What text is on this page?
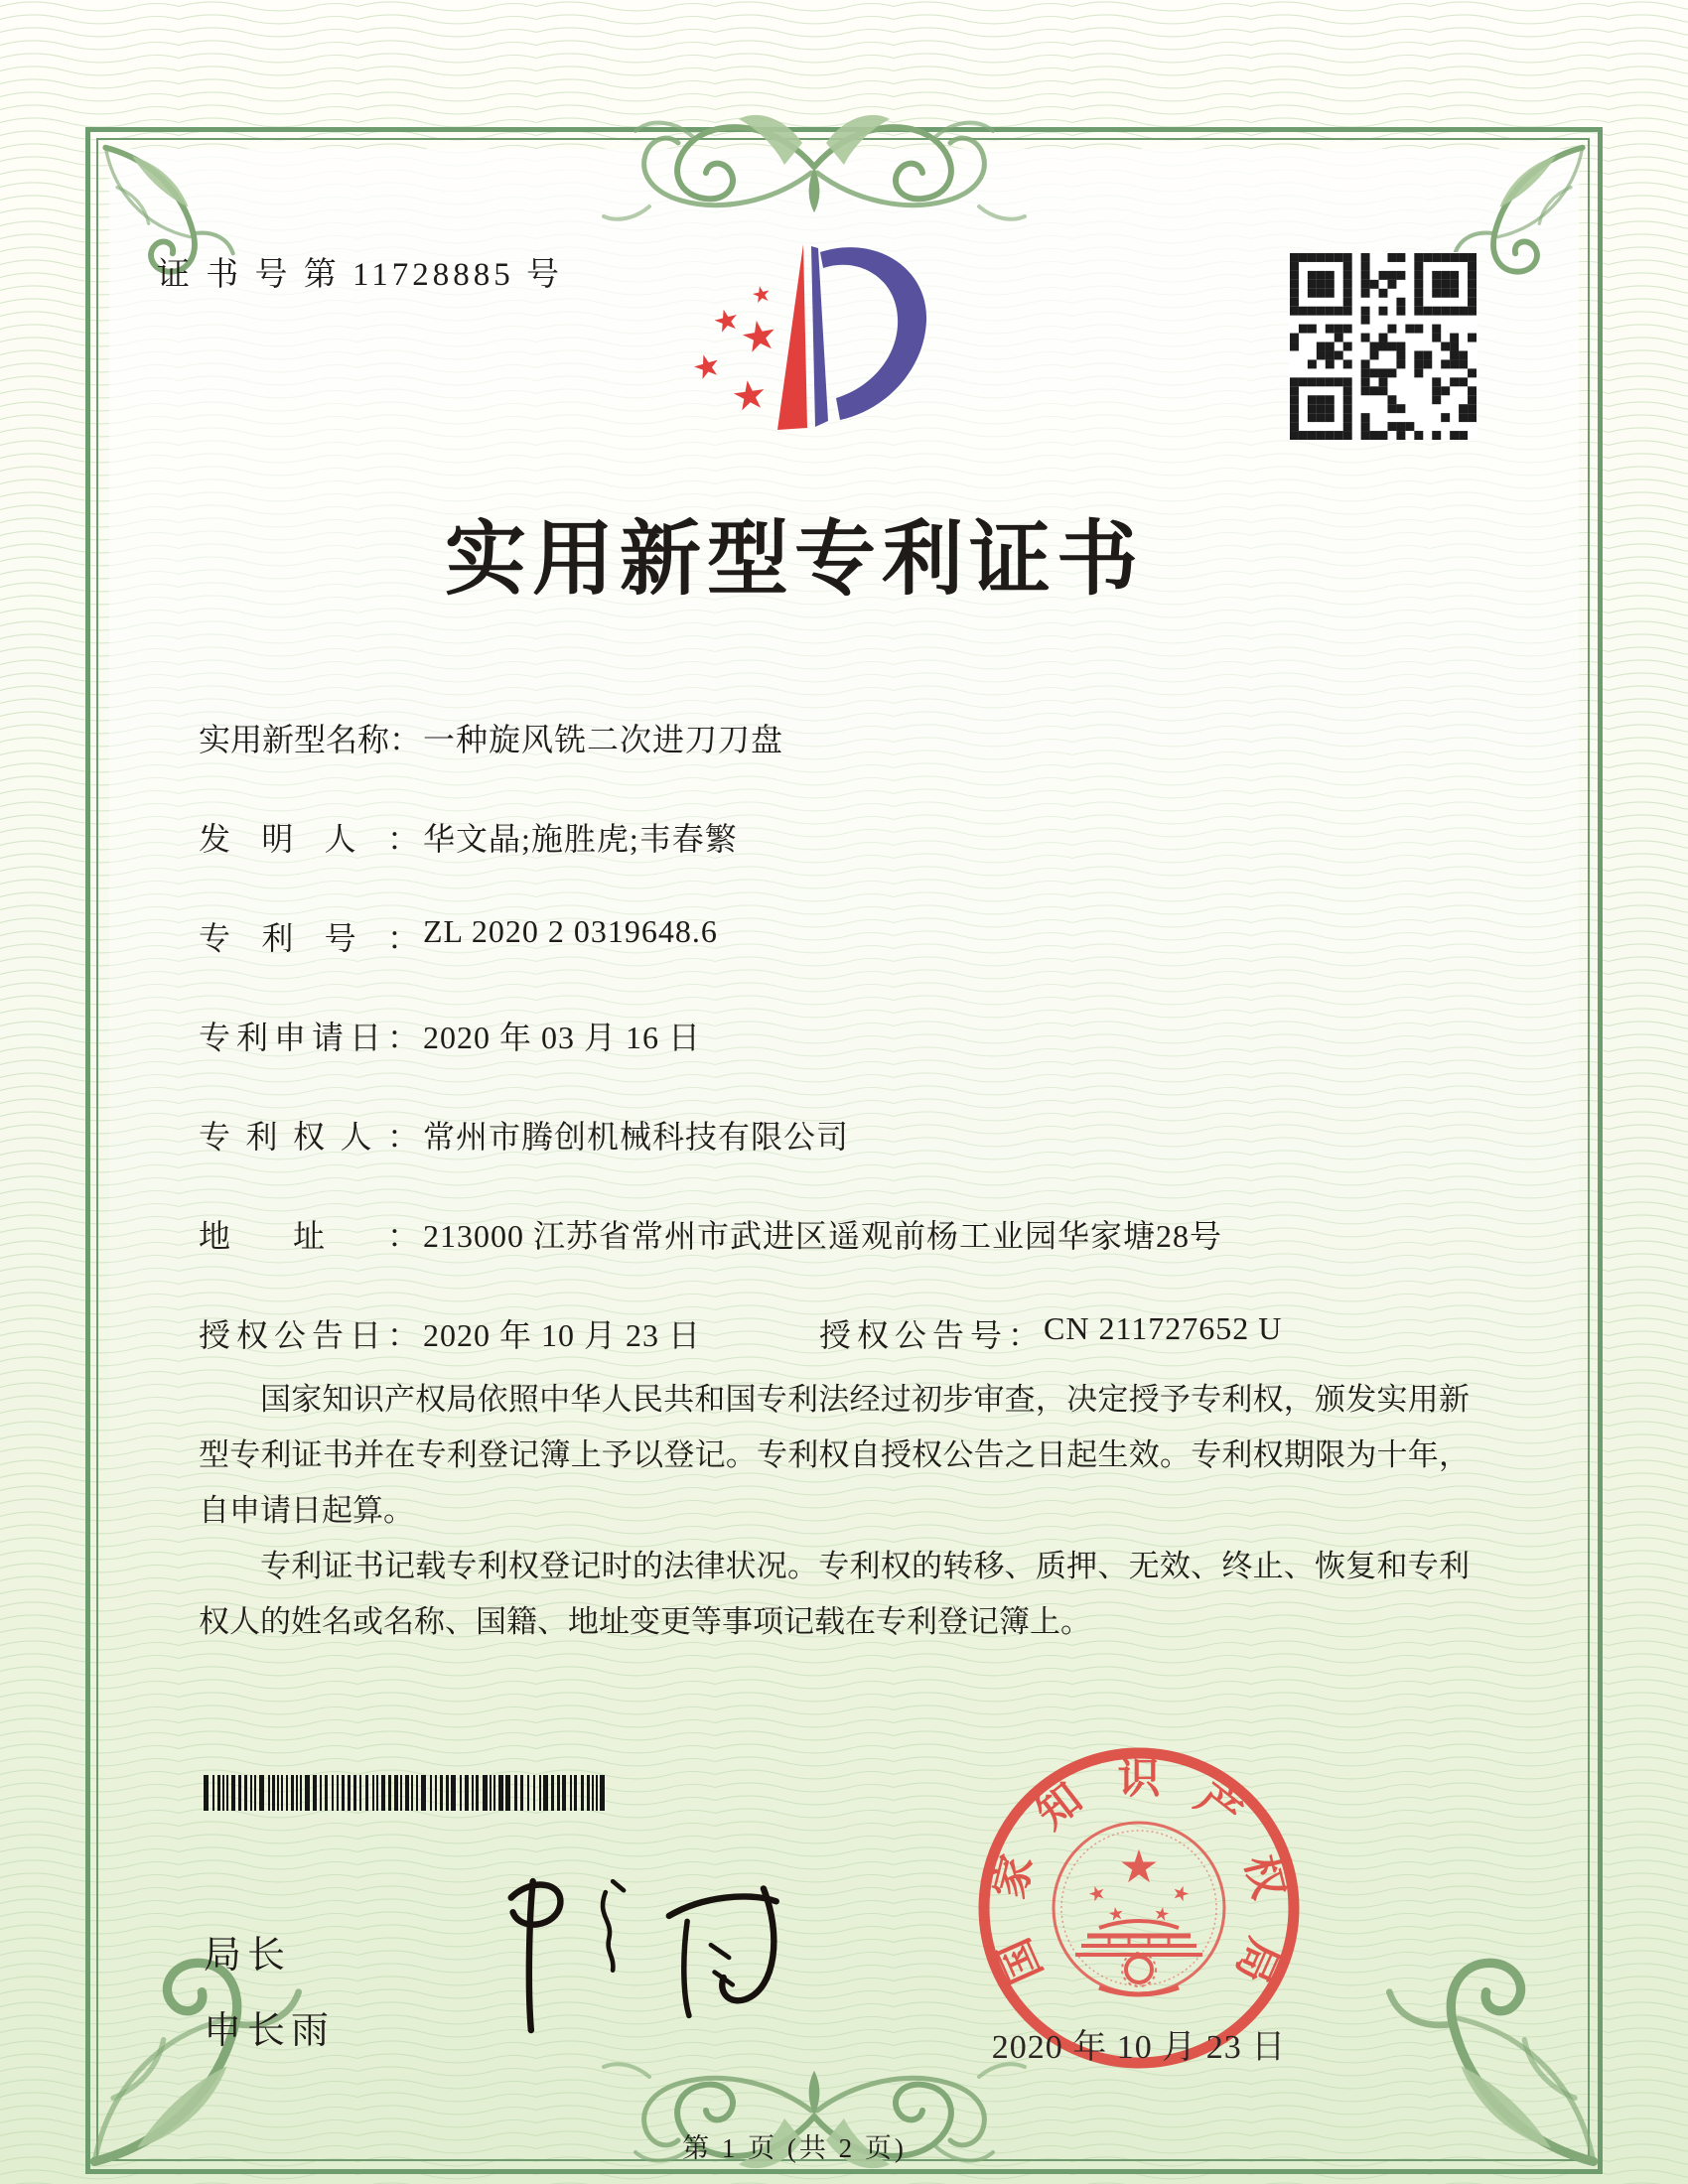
证 书 号 第 11728885 号
★
★
★
★
★
实用新型专利证书
实用新型名称：一种旋风铣二次进刀刀盘
发明人： 华文晶;施胜虎;韦春繁
专利号： ZL 2020 2 0319648.6
专利申请日： 2020 年 03 月 16 日
专利权人： 常州市腾创机械科技有限公司
地址： 213000 江苏省常州市武进区遥观前杨工业园华家塘28号
授权公告日： 2020 年 10 月 23 日	授权公告号： CN 211727652 U

国家知识产权局依照中华人民共和国专利法经过初步审查，决定授予专利权，颁发实用新型专利证书并在专利登记簿上予以登记。专利权自授权公告之日起生效。专利权期限为十年，自申请日起算。

专利证书记载专利权登记时的法律状况。专利权的转移、质押、无效、终止、恢复和专利权人的姓名或名称、国籍、地址变更等事项记载在专利登记簿上。

局长
申长雨
国
家
知 识 产
权
局
★
★	★
★ ★
2020 年 10 月 23 日
第 1 页 (共 2 页)
